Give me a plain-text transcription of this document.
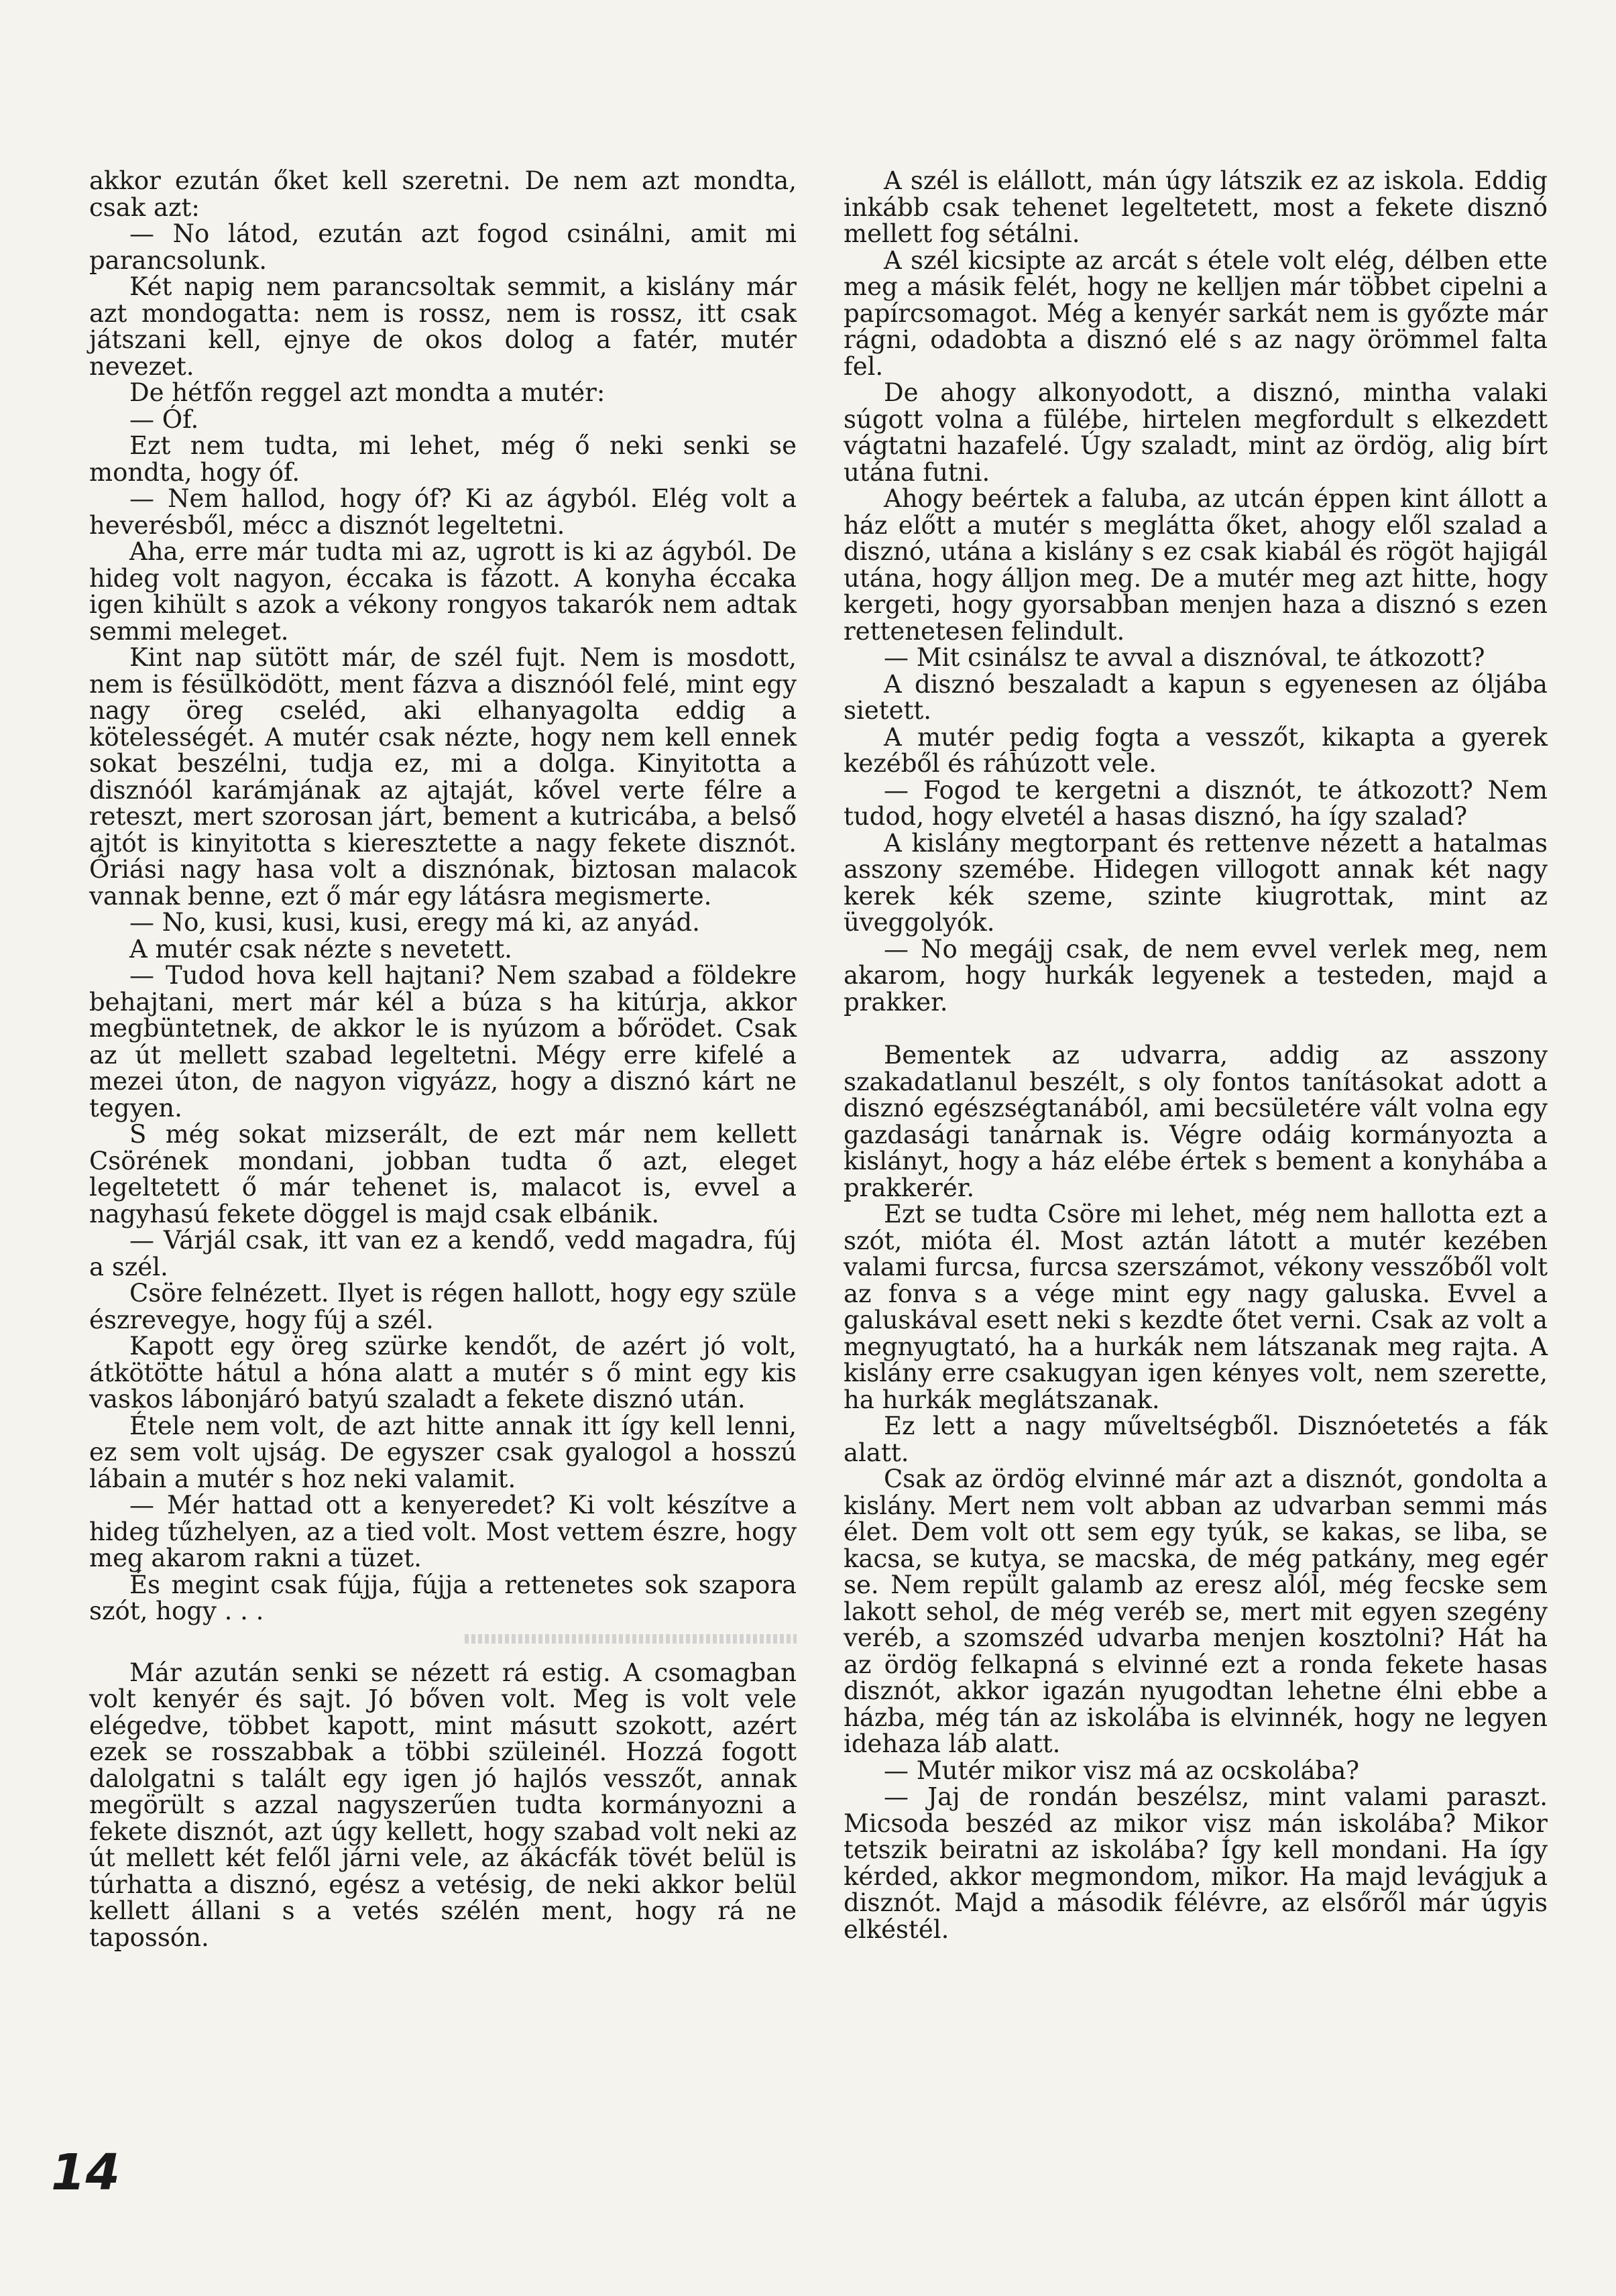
akkor ezután őket kell szeretni. De nem azt mondta, csak azt:

— No látod, ezután azt fogod csinálni, amit mi parancsolunk.

Két napig nem parancsoltak semmit, a kislány már azt mondogatta: nem is rossz, nem is rossz, itt csak játszani kell, ejnye de okos dolog a fatér, mutér nevezet.

De hétfőn reggel azt mondta a mutér:

— Óf.

Ezt nem tudta, mi lehet, még ő neki senki se mondta, hogy óf.

— Nem hallod, hogy óf? Ki az ágyból. Elég volt a heverésből, mécc a disznót legeltetni.

Aha, erre már tudta mi az, ugrott is ki az ágyból. De hideg volt nagyon, éccaka is fázott. A konyha éccaka igen kihült s azok a vékony rongyos takarók nem adtak semmi meleget.

Kint nap sütött már, de szél fujt. Nem is mosdott, nem is fésülködött, ment fázva a disznóól felé, mint egy nagy öreg cseléd, aki elhanyagolta eddig a kötelességét. A mutér csak nézte, hogy nem kell ennek sokat beszélni, tudja ez, mi a dolga. Kinyitotta a disznóól karámjának az ajtaját, kővel verte félre a reteszt, mert szorosan járt, bement a kutricába, a belső ajtót is kinyitotta s kieresztette a nagy fekete disznót. Óriási nagy hasa volt a disznónak, biztosan malacok vannak benne, ezt ő már egy látásra megismerte.

— No, kusi, kusi, kusi, eregy má ki, az anyád.

A mutér csak nézte s nevetett.

— Tudod hova kell hajtani? Nem szabad a földekre behajtani, mert már kél a búza s ha kitúrja, akkor megbüntetnek, de akkor le is nyúzom a bőrödet. Csak az út mellett szabad legeltetni. Mégy erre kifelé a mezei úton, de nagyon vigyázz, hogy a disznó kárt ne tegyen.

S még sokat mizserált, de ezt már nem kellett Csörének mondani, jobban tudta ő azt, eleget legeltetett ő már tehenet is, malacot is, evvel a nagyhasú fekete döggel is majd csak elbánik.

— Várjál csak, itt van ez a kendő, vedd magadra, fúj a szél.

Csöre felnézett. Ilyet is régen hallott, hogy egy szüle észrevegye, hogy fúj a szél.

Kapott egy öreg szürke kendőt, de azért jó volt, átkötötte hátul a hóna alatt a mutér s ő mint egy kis vaskos lábonjáró batyú szaladt a fekete disznó után.

Étele nem volt, de azt hitte annak itt így kell lenni, ez sem volt ujság. De egyszer csak gyalogol a hosszú lábain a mutér s hoz neki valamit.

— Mér hattad ott a kenyeredet? Ki volt készítve a hideg tűzhelyen, az a tied volt. Most vettem észre, hogy meg akarom rakni a tüzet.

És megint csak fújja, fújja a rettenetes sok szapora szót, hogy . . .

Már azután senki se nézett rá estig. A csomagban volt kenyér és sajt. Jó bőven volt. Meg is volt vele elégedve, többet kapott, mint másutt szokott, azért ezek se rosszabbak a többi szüleinél. Hozzá fogott dalolgatni s talált egy igen jó hajlós vesszőt, annak megörült s azzal nagyszerűen tudta kormányozni a fekete disznót, azt úgy kellett, hogy szabad volt neki az út mellett két felől járni vele, az ákácfák tövét belül is túrhatta a disznó, egész a vetésig, de neki akkor belül kellett állani s a vetés szélén ment, hogy rá ne tapossón.

A szél is elállott, mán úgy látszik ez az iskola. Eddig inkább csak tehenet legeltetett, most a fekete disznó mellett fog sétálni.

A szél kicsipte az arcát s étele volt elég, délben ette meg a másik felét, hogy ne kelljen már többet cipelni a papírcsomagot. Még a kenyér sarkát nem is győzte már rágni, odadobta a disznó elé s az nagy örömmel falta fel.

De ahogy alkonyodott, a disznó, mintha valaki súgott volna a fülébe, hirtelen megfordult s elkezdett vágtatni hazafelé. Úgy szaladt, mint az ördög, alig bírt utána futni.

Ahogy beértek a faluba, az utcán éppen kint állott a ház előtt a mutér s meglátta őket, ahogy elől szalad a disznó, utána a kislány s ez csak kiabál és rögöt hajigál utána, hogy álljon meg. De a mutér meg azt hitte, hogy kergeti, hogy gyorsabban menjen haza a disznó s ezen rettenetesen felindult.

— Mit csinálsz te avval a disznóval, te átkozott?

A disznó beszaladt a kapun s egyenesen az óljába sietett.

A mutér pedig fogta a vesszőt, kikapta a gyerek kezéből és ráhúzott vele.

— Fogod te kergetni a disznót, te átkozott? Nem tudod, hogy elvetél a hasas disznó, ha így szalad?

A kislány megtorpant és rettenve nézett a hatalmas asszony szemébe. Hidegen villogott annak két nagy kerek kék szeme, szinte kiugrottak, mint az üveggolyók.

— No megájj csak, de nem evvel verlek meg, nem akarom, hogy hurkák legyenek a testeden, majd a prakker.

Bementek az udvarra, addig az asszony szakadatlanul beszélt, s oly fontos tanításokat adott a disznó egészségtanából, ami becsületére vált volna egy gazdasági tanárnak is. Végre odáig kormányozta a kislányt, hogy a ház elébe értek s bement a konyhába a prakkerér.

Ezt se tudta Csöre mi lehet, még nem hallotta ezt a szót, mióta él. Most aztán látott a mutér kezében valami furcsa, furcsa szerszámot, vékony vesszőből volt az fonva s a vége mint egy nagy galuska. Evvel a galuskával esett neki s kezdte őtet verni. Csak az volt a megnyugtató, ha a hurkák nem látszanak meg rajta. A kislány erre csakugyan igen kényes volt, nem szerette, ha hurkák meglátszanak.

Ez lett a nagy műveltségből. Disznóetetés a fák alatt.

Csak az ördög elvinné már azt a disznót, gondolta a kislány. Mert nem volt abban az udvarban semmi más élet. Dem volt ott sem egy tyúk, se kakas, se liba, se kacsa, se kutya, se macska, de még patkány, meg egér se. Nem repült galamb az eresz alól, még fecske sem lakott sehol, de még veréb se, mert mit egyen szegény veréb, a szomszéd udvarba menjen kosztolni? Hát ha az ördög felkapná s elvinné ezt a ronda fekete hasas disznót, akkor igazán nyugodtan lehetne élni ebbe a házba, még tán az iskolába is elvinnék, hogy ne legyen idehaza láb alatt.

— Mutér mikor visz má az ocskolába?

— Jaj de rondán beszélsz, mint valami paraszt. Micsoda beszéd az mikor visz mán iskolába? Mikor tetszik beiratni az iskolába? Így kell mondani. Ha így kérded, akkor megmondom, mikor. Ha majd levágjuk a disznót. Majd a második félévre, az elsőről már úgyis elkéstél.

14
